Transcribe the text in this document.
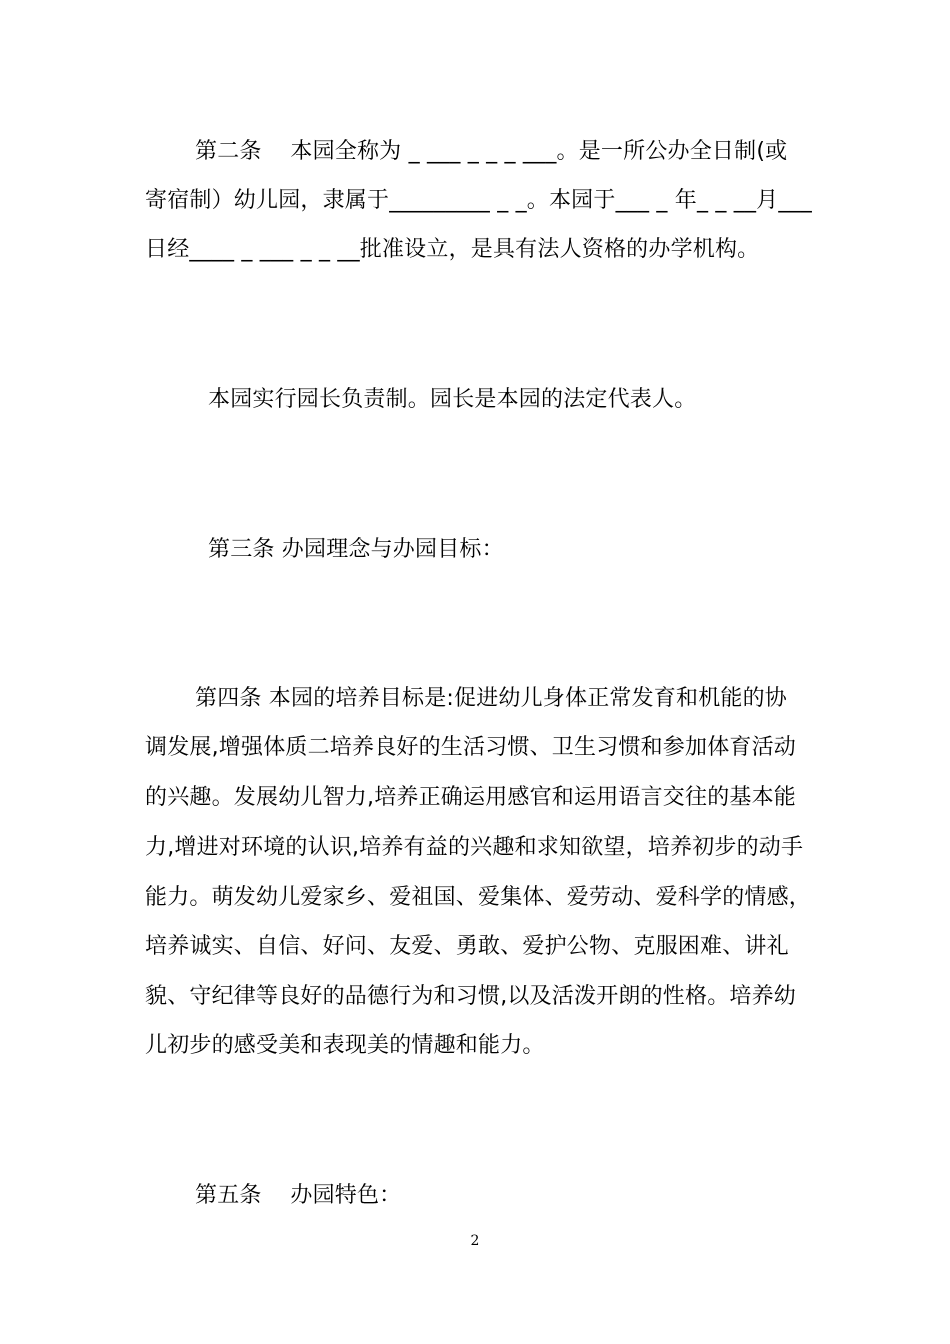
第二条    本园全称为 _ ___ _ _ _ ___。是一所公办全日制(或
寄宿制）幼儿园，隶属于_________ _ _。本园于___ _ 年_ _ __月___
日经____ _ ___ _ _ __批准设立，是具有法人资格的办学机构。
本园实行园长负责制。园长是本园的法定代表人。
第三条 办园理念与办园目标：
第四条 本园的培养目标是:促进幼儿身体正常发育和机能的协
调发展,增强体质二培养良好的生活习惯、卫生习惯和参加体育活动
的兴趣。发展幼儿智力,培养正确运用感官和运用语言交往的基本能
力,增进对环境的认识,培养有益的兴趣和求知欲望，培养初步的动手
能力。萌发幼儿爱家乡、爱祖国、爱集体、爱劳动、爱科学的情感，
培养诚实、自信、好问、友爱、勇敢、爱护公物、克服困难、讲礼
貌、守纪律等良好的品德行为和习惯,以及活泼开朗的性格。培养幼
儿初步的感受美和表现美的情趣和能力。
第五条    办园特色：
2
